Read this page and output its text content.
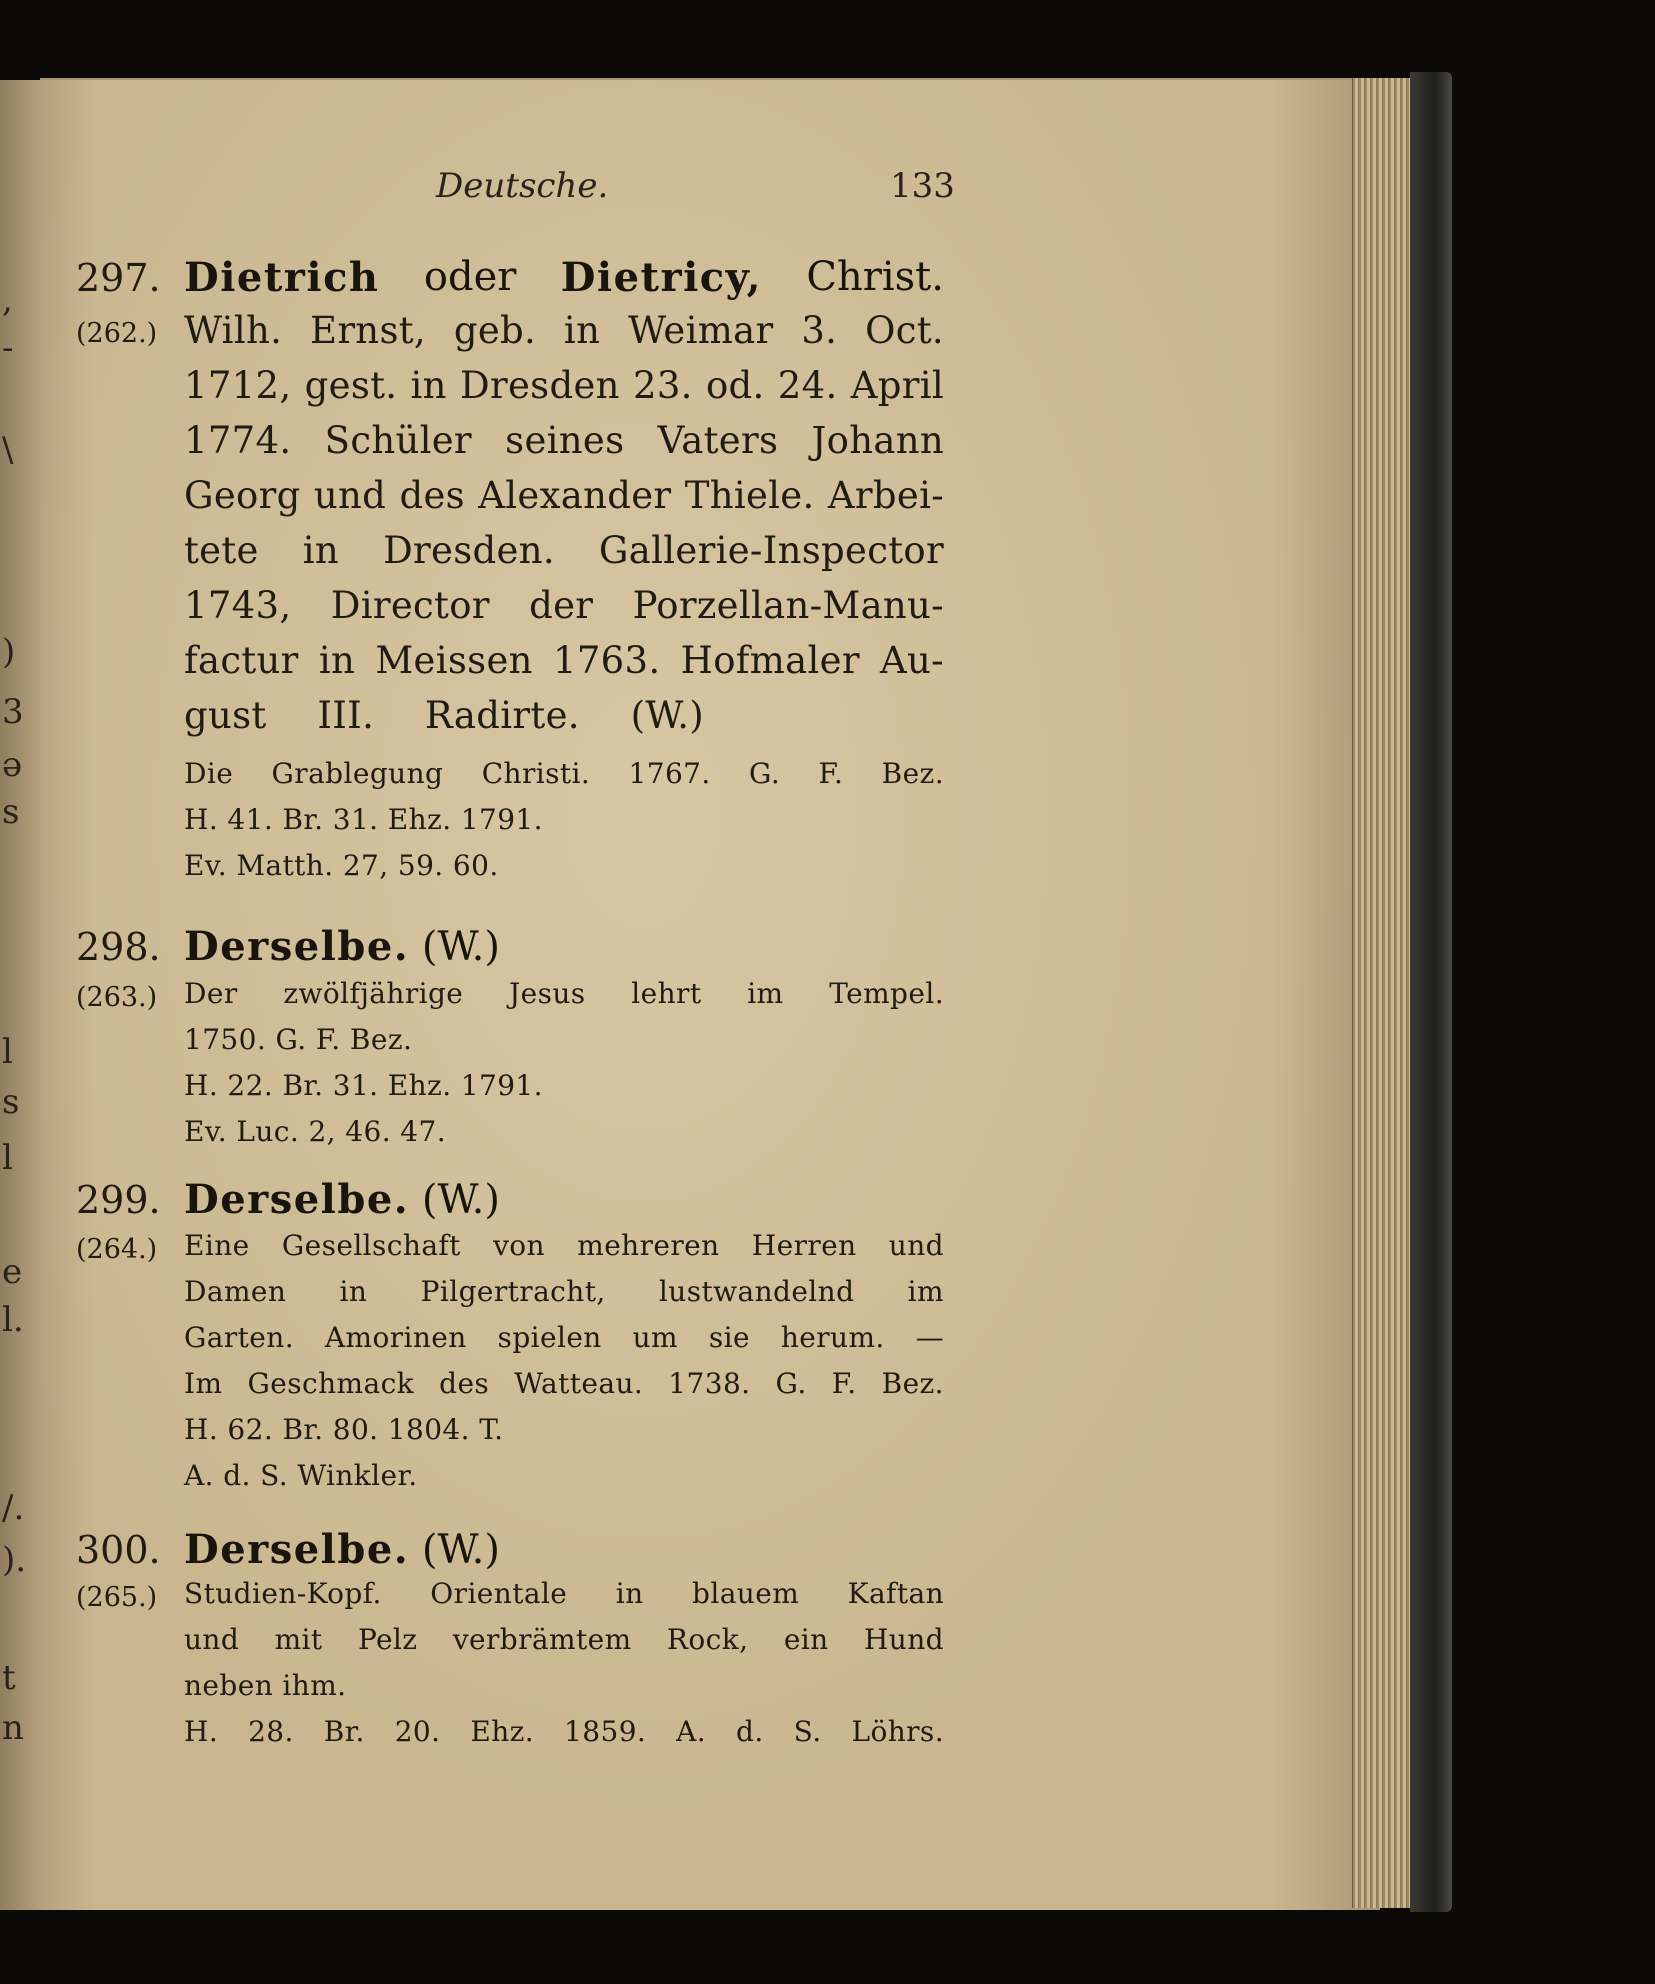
,
-
\
)
3
ə
s
l
s
l
e
l.
/.
).
t
n
Deutsche.	133
297. Dietrich oder Dietricy, Christ.
(262.) Wilh. Ernst, geb. in Weimar 3. Oct.
1712, gest. in Dresden 23. od. 24. April
1774. Schüler seines Vaters Johann
Georg und des Alexander Thiele. Arbei-
tete in Dresden. Gallerie-Inspector
1743, Director der Porzellan-Manu-
factur in Meissen 1763. Hofmaler Au-
gust III. Radirte. (W.)
Die Grablegung Christi. 1767. G. F. Bez.
H. 41. Br. 31. Ehz. 1791.
Ev. Matth. 27, 59. 60.
298. Derselbe. (W.)
(263.) Der zwölfjährige Jesus lehrt im Tempel.
1750. G. F. Bez.
H. 22. Br. 31. Ehz. 1791.
Ev. Luc. 2, 46. 47.
299. Derselbe. (W.)
(264.) Eine Gesellschaft von mehreren Herren und
Damen in Pilgertracht, lustwandelnd im
Garten. Amorinen spielen um sie herum. —
Im Geschmack des Watteau. 1738. G. F. Bez.
H. 62. Br. 80. 1804. T.
A. d. S. Winkler.
300. Derselbe. (W.)
(265.) Studien-Kopf. Orientale in blauem Kaftan
und mit Pelz verbrämtem Rock, ein Hund
neben ihm.
H. 28. Br. 20. Ehz. 1859. A. d. S. Löhrs.
